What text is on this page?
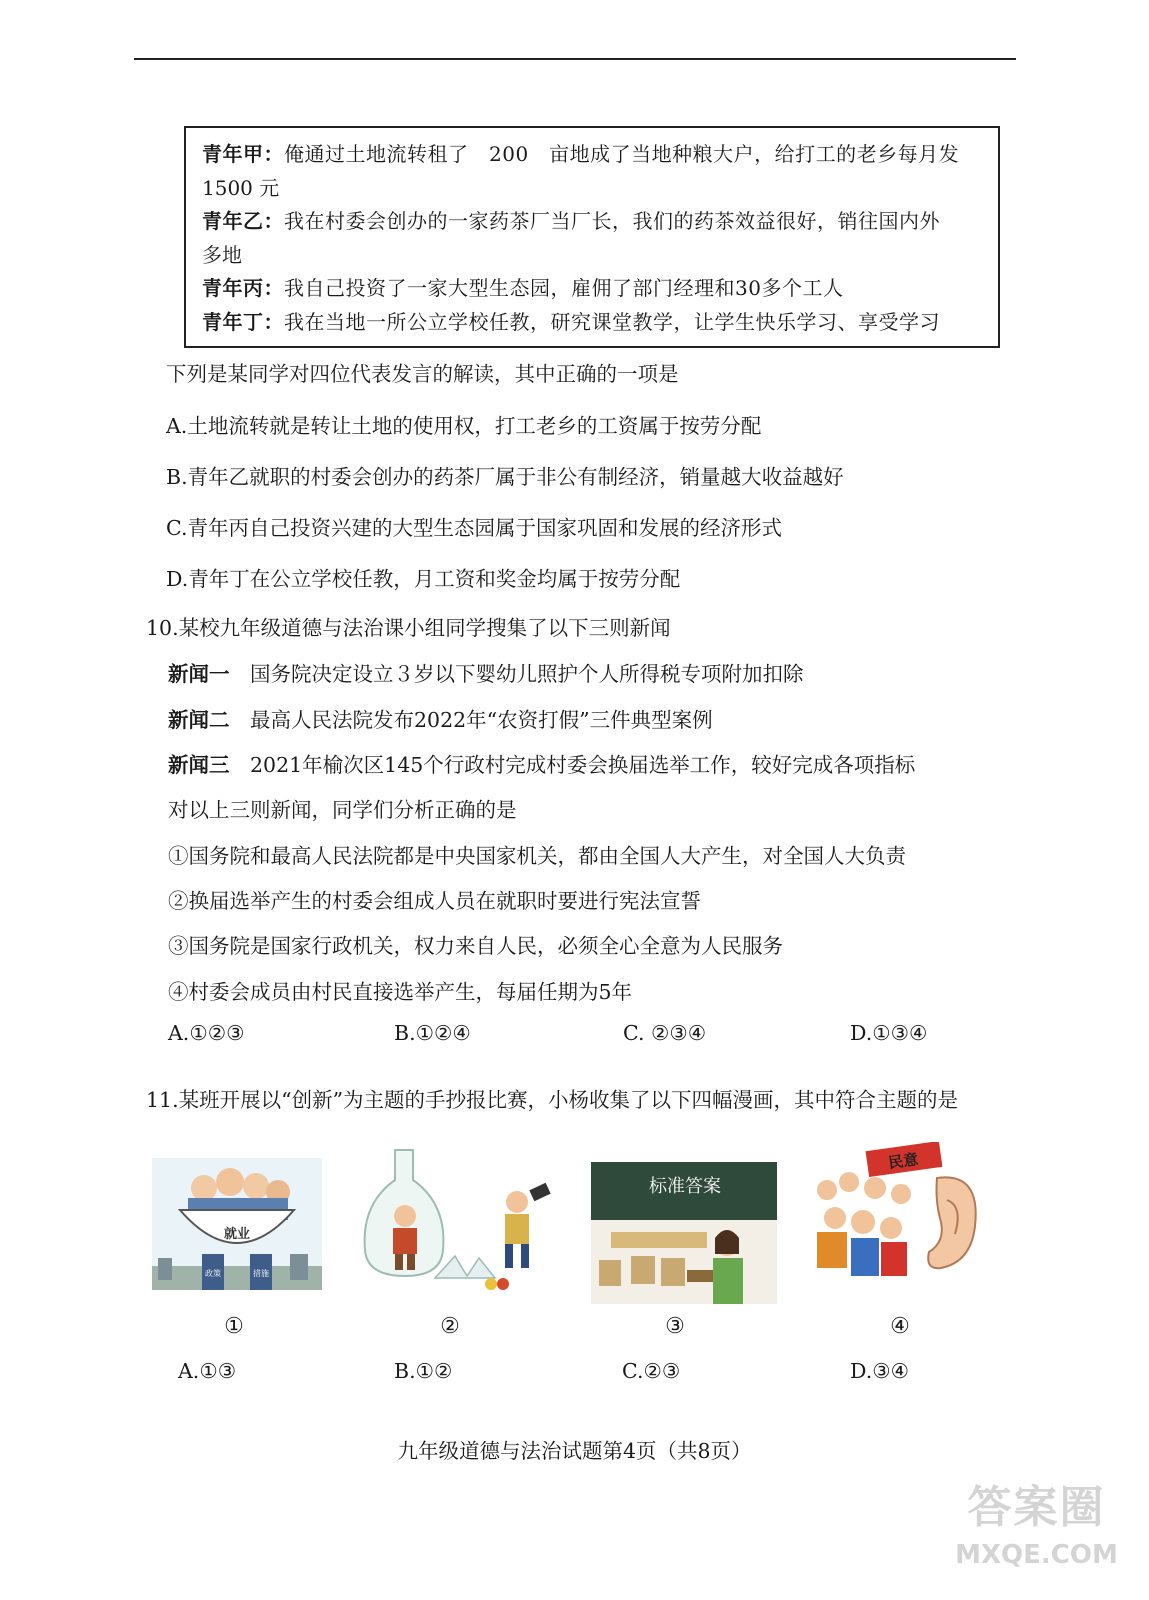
青年甲：俺通过土地流转租了　200　亩地成了当地种粮大户，给打工的老乡每月发
1500 元
青年乙：我在村委会创办的一家药茶厂当厂长，我们的药茶效益很好，销往国内外
多地
青年丙：我自己投资了一家大型生态园，雇佣了部门经理和30多个工人
青年丁：我在当地一所公立学校任教，研究课堂教学，让学生快乐学习、享受学习
下列是某同学对四位代表发言的解读，其中正确的一项是
A.土地流转就是转让土地的使用权，打工老乡的工资属于按劳分配
B.青年乙就职的村委会创办的药茶厂属于非公有制经济，销量越大收益越好
C.青年丙自己投资兴建的大型生态园属于国家巩固和发展的经济形式
D.青年丁在公立学校任教，月工资和奖金均属于按劳分配
10.某校九年级道德与法治课小组同学搜集了以下三则新闻
新闻一　 国务院决定设立３岁以下婴幼儿照护个人所得税专项附加扣除
新闻二　 最高人民法院发布2022年“农资打假”三件典型案例
新闻三　 2021年榆次区145个行政村完成村委会换届选举工作，较好完成各项指标
对以上三则新闻，同学们分析正确的是
①国务院和最高人民法院都是中央国家机关，都由全国人大产生，对全国人大负责
②换届选举产生的村委会组成人员在就职时要进行宪法宣誓
③国务院是国家行政机关，权力来自人民，必须全心全意为人民服务
④村委会成员由村民直接选举产生，每届任期为5年
A.①②③	B.①②④	C. ②③④	D.①③④
11.某班开展以“创新”为主题的手抄报比赛，小杨收集了以下四幅漫画，其中符合主题的是
就业
政策	措施
标准答案
民意
①	②	③	④
A.①③	B.①②	C.②③	D.③④
九年级道德与法治试题第4页（共8页）
答案圈
MXQE.COM
